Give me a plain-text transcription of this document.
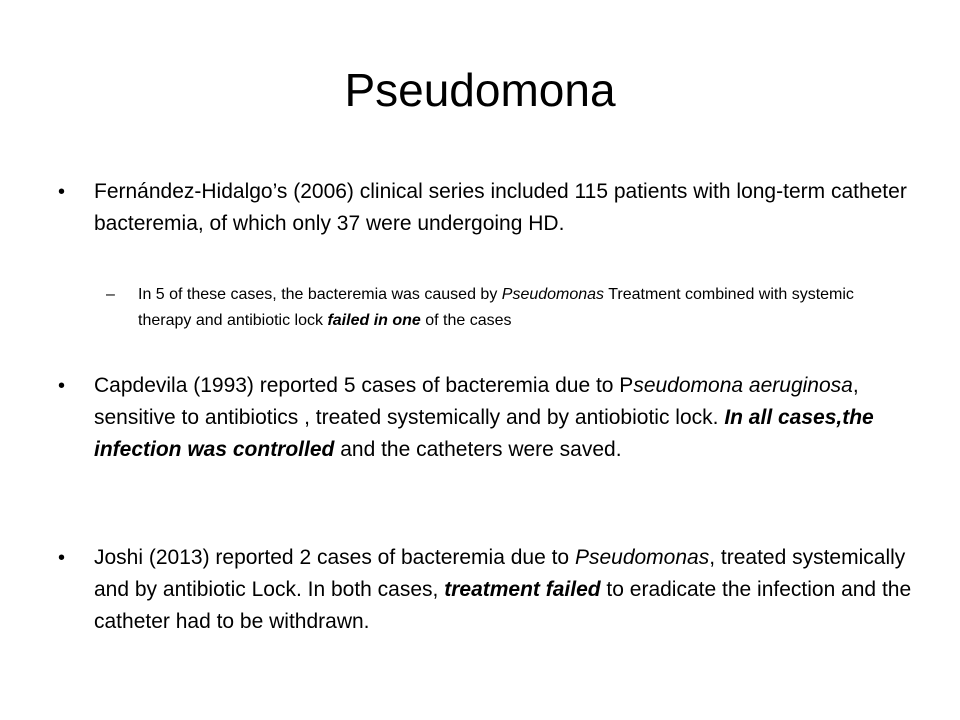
Pseudomona
• Fernández-Hidalgo’s (2006) clinical series included 115 patients with long-term catheter bacteremia, of which only 37 were undergoing HD.
– In 5 of these cases, the bacteremia was caused by Pseudomonas Treatment combined with systemic therapy and antibiotic lock failed in one of the cases
• Capdevila (1993) reported 5 cases of bacteremia due to Pseudomona aeruginosa, sensitive to antibiotics , treated systemically and by antiobiotic lock. In all cases,the infection was controlled and the catheters were saved.
• Joshi (2013) reported 2 cases of bacteremia due to Pseudomonas, treated systemically and by antibiotic Lock. In both cases, treatment failed to eradicate the infection and the catheter had to be withdrawn.
